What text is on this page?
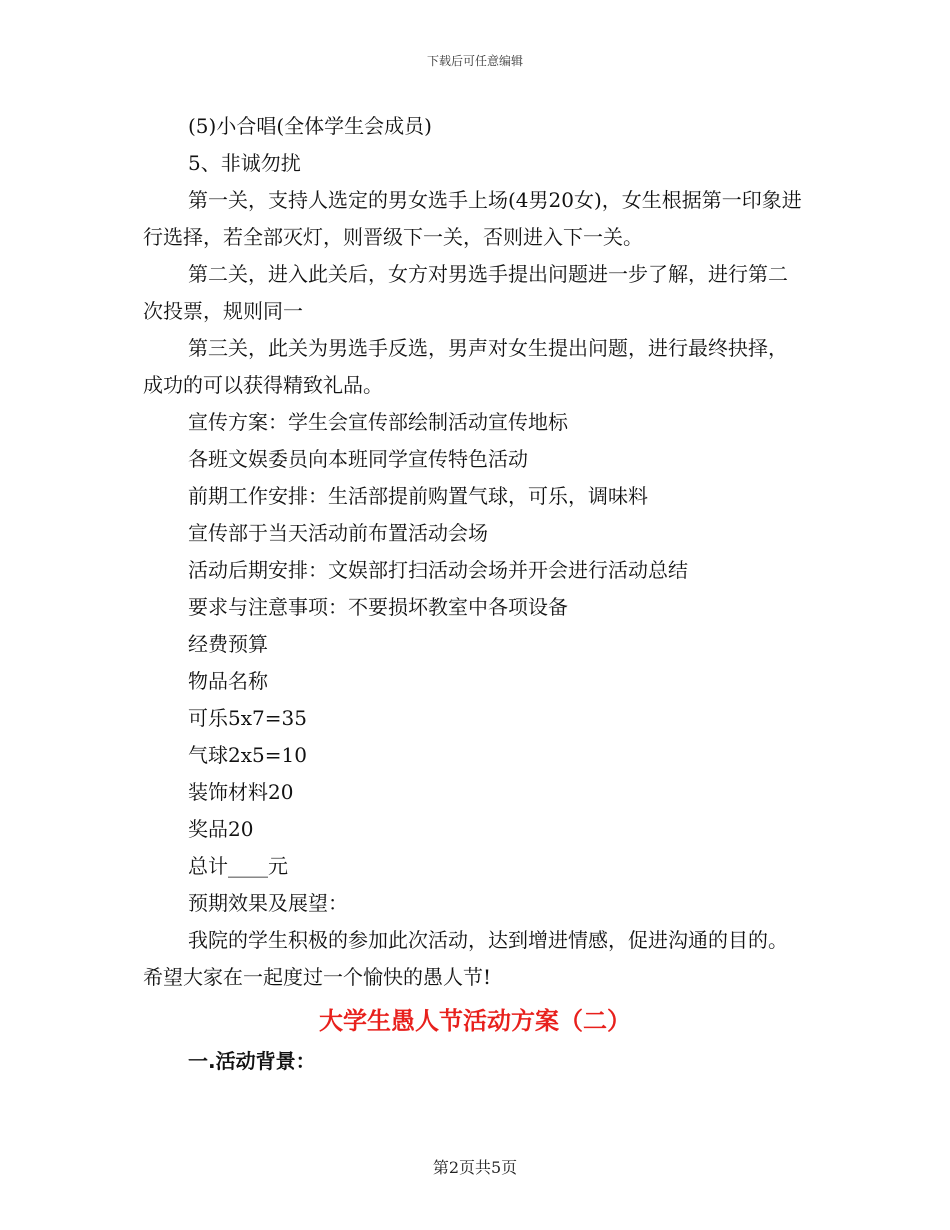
下载后可任意编辑
(5)小合唱(全体学生会成员)
5、非诚勿扰
第一关，支持人选定的男女选手上场(4男20女)，女生根据第一印象进行选择，若全部灭灯，则晋级下一关，否则进入下一关。
第二关，进入此关后，女方对男选手提出问题进一步了解，进行第二次投票，规则同一
第三关，此关为男选手反选，男声对女生提出问题，进行最终抉择，成功的可以获得精致礼品。
宣传方案：学生会宣传部绘制活动宣传地标
各班文娱委员向本班同学宣传特色活动
前期工作安排：生活部提前购置气球，可乐，调味料
宣传部于当天活动前布置活动会场
活动后期安排：文娱部打扫活动会场并开会进行活动总结
要求与注意事项：不要损坏教室中各项设备
经费预算
物品名称
可乐5x7=35
气球2x5=10
装饰材料20
奖品20
总计____元
预期效果及展望：
我院的学生积极的参加此次活动，达到增进情感，促进沟通的目的。希望大家在一起度过一个愉快的愚人节!
大学生愚人节活动方案（二）
一.活动背景：
第2页共5页
